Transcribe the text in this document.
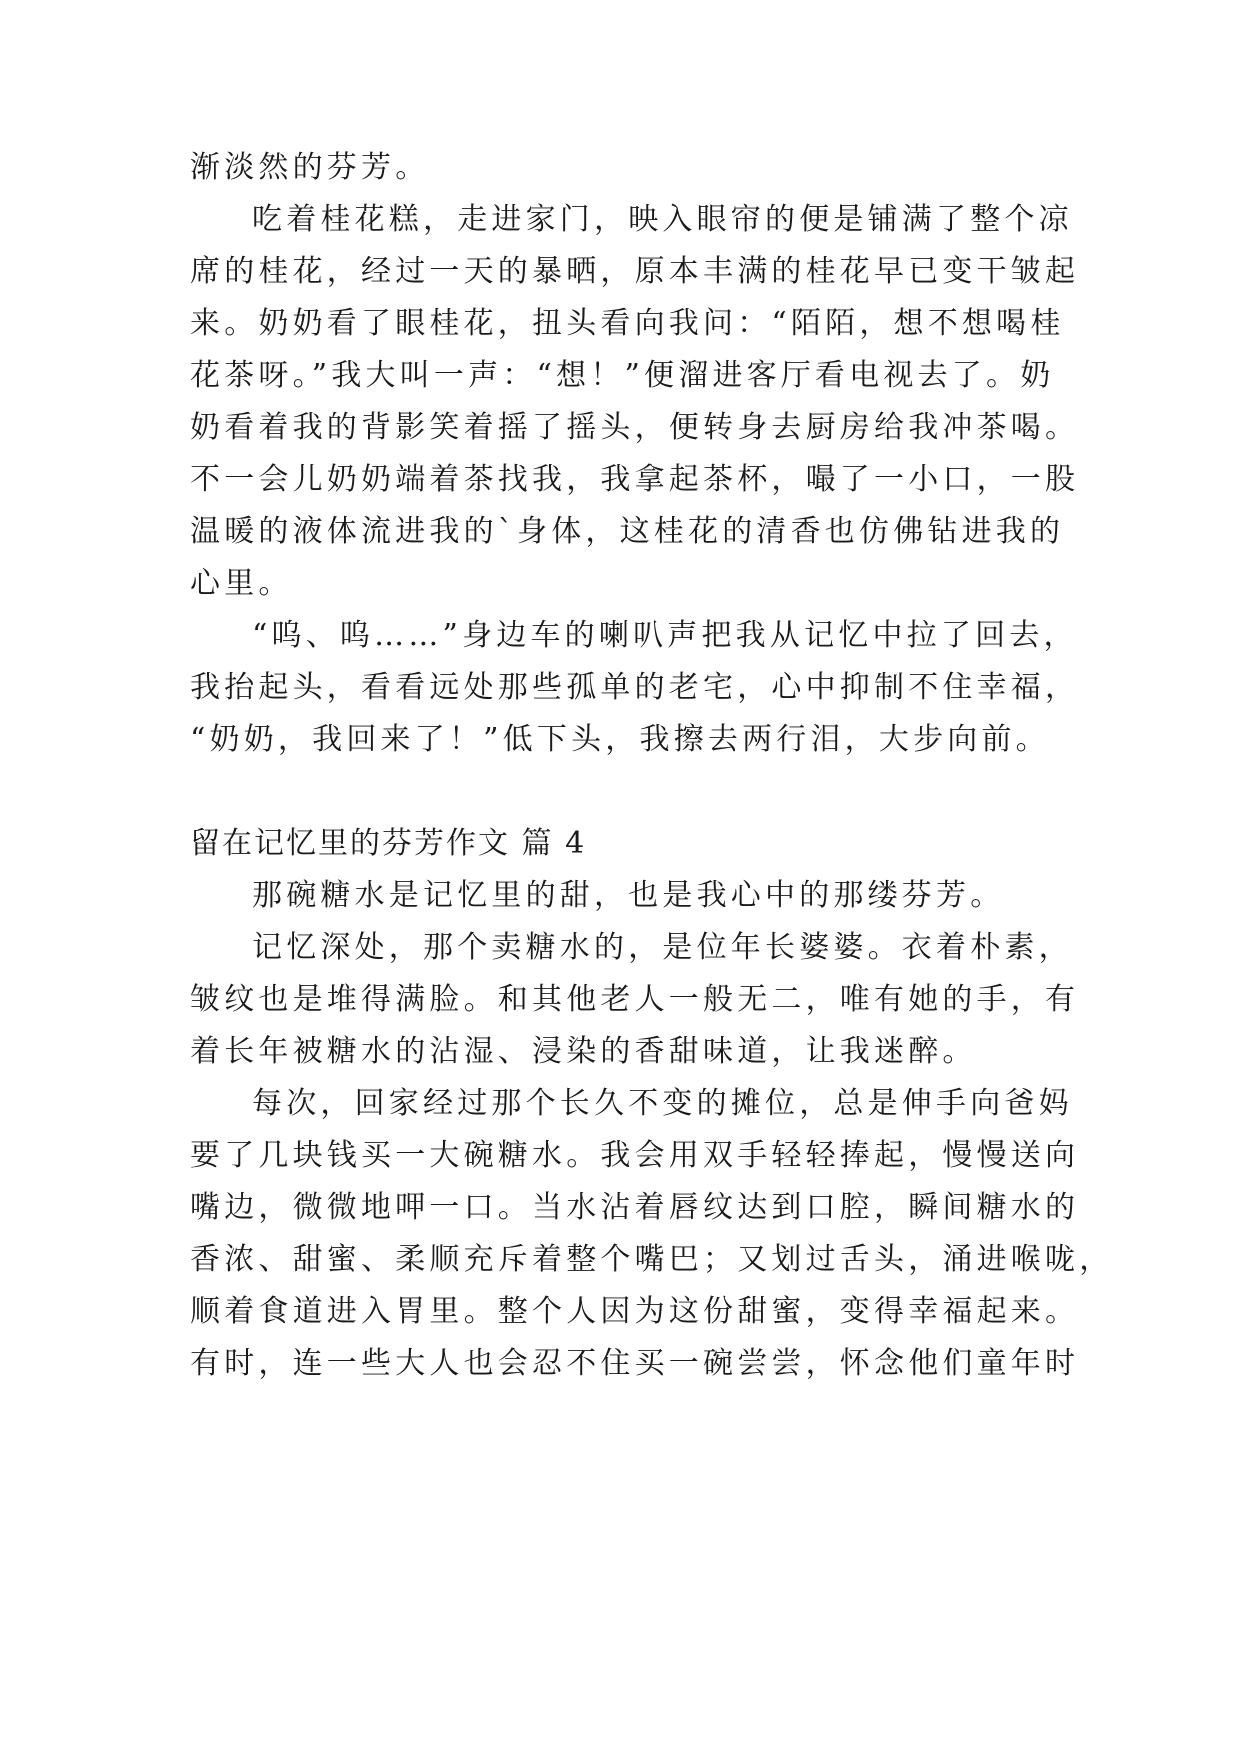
渐淡然的芬芳。
吃着桂花糕，走进家门，映入眼帘的便是铺满了整个凉
席的桂花，经过一天的暴晒，原本丰满的桂花早已变干皱起
来。奶奶看了眼桂花，扭头看向我问：“陌陌，想不想喝桂
花茶呀。”我大叫一声：“想！”便溜进客厅看电视去了。奶
奶看着我的背影笑着摇了摇头，便转身去厨房给我冲茶喝。
不一会儿奶奶端着茶找我，我拿起茶杯，嘬了一小口，一股
温暖的液体流进我的`身体，这桂花的清香也仿佛钻进我的
心里。
“呜、呜……”身边车的喇叭声把我从记忆中拉了回去，
我抬起头，看看远处那些孤单的老宅，心中抑制不住幸福，
“奶奶，我回来了！”低下头，我擦去两行泪，大步向前。
留在记忆里的芬芳作文 篇 4
那碗糖水是记忆里的甜，也是我心中的那缕芬芳。
记忆深处，那个卖糖水的，是位年长婆婆。衣着朴素，
皱纹也是堆得满脸。和其他老人一般无二，唯有她的手，有
着长年被糖水的沾湿、浸染的香甜味道，让我迷醉。
每次，回家经过那个长久不变的摊位，总是伸手向爸妈
要了几块钱买一大碗糖水。我会用双手轻轻捧起，慢慢送向
嘴边，微微地呷一口。当水沾着唇纹达到口腔，瞬间糖水的
香浓、甜蜜、柔顺充斥着整个嘴巴；又划过舌头，涌进喉咙，
顺着食道进入胃里。整个人因为这份甜蜜，变得幸福起来。
有时，连一些大人也会忍不住买一碗尝尝，怀念他们童年时
